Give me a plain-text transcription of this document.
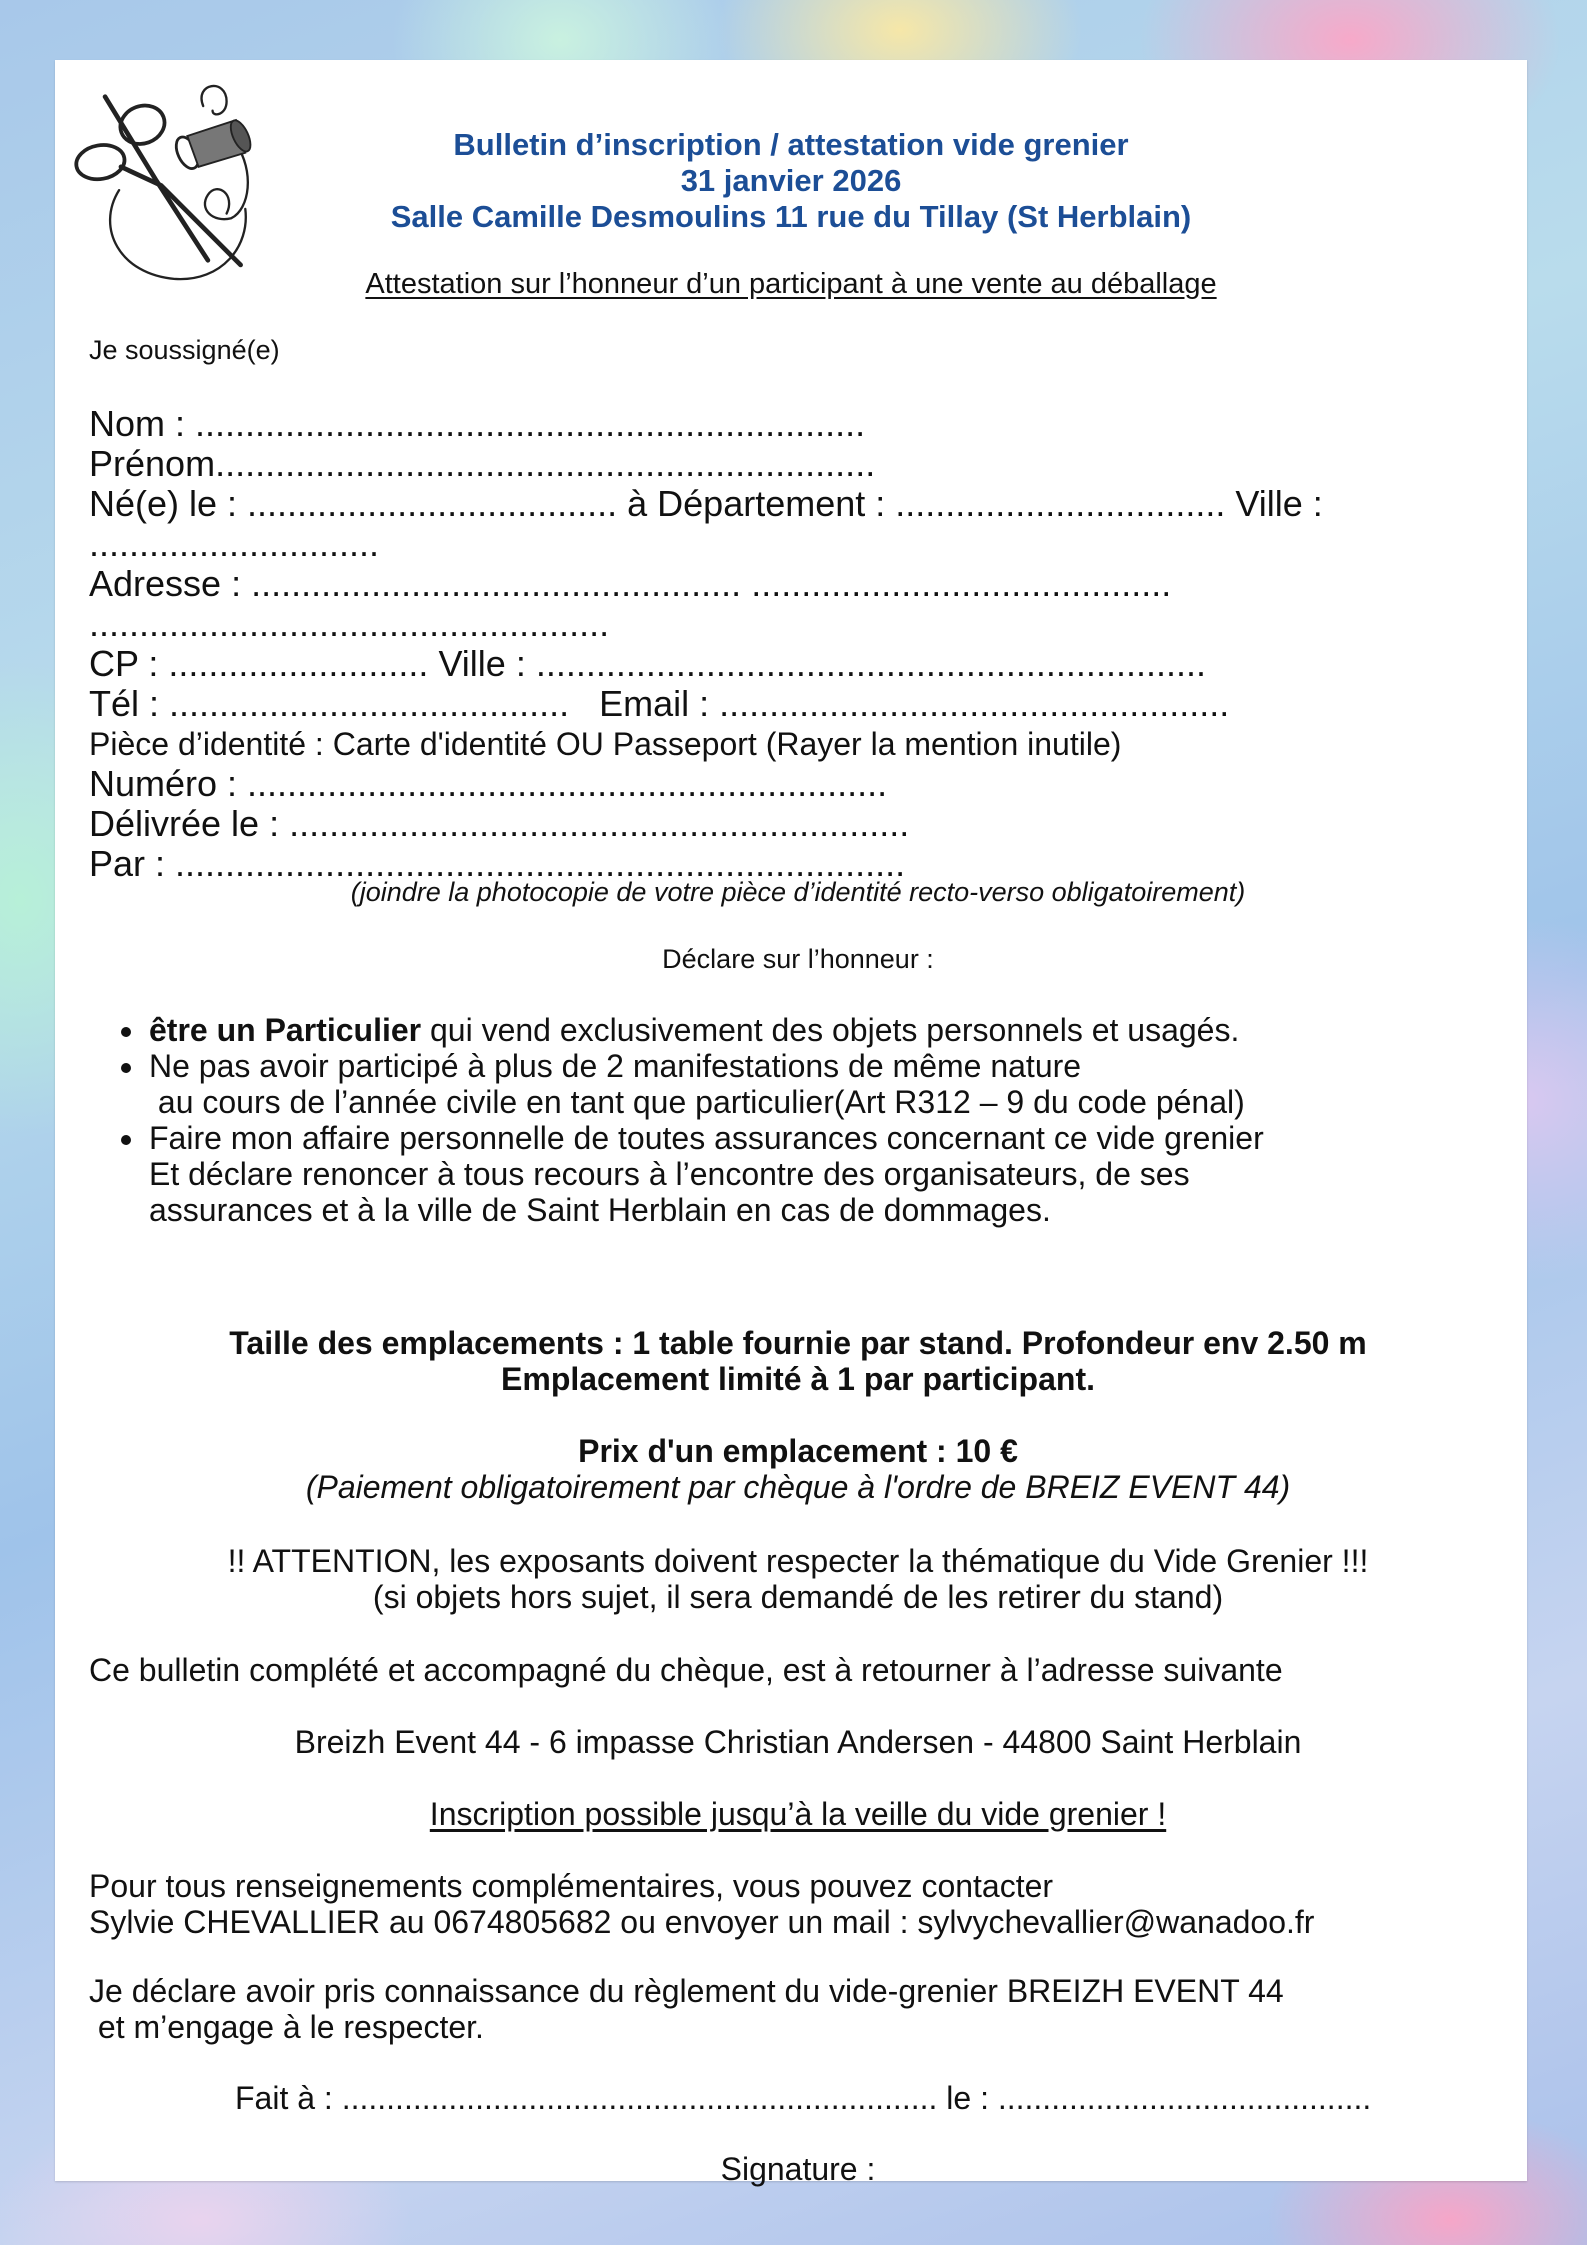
Bulletin d’inscription / attestation vide grenier
31 janvier 2026
Salle Camille Desmoulins 11 rue du Tillay (St Herblain)
Attestation sur l’honneur d’un participant à une vente au déballage
Je soussigné(e)
Nom : ...................................................................
Prénom..................................................................
Né(e) le : ..................................... à Département : ................................. Ville :
.............................
Adresse : ................................................. ..........................................
....................................................
CP : .......................... Ville : ...................................................................
Tél : ........................................ Email : ...................................................
Pièce d’identité : Carte d'identité OU Passeport (Rayer la mention inutile)
Numéro : ................................................................
Délivrée le : ..............................................................
Par : .........................................................................
(joindre la photocopie de votre pièce d’identité recto-verso obligatoirement)
Déclare sur l’honneur :
• être un Particulier qui vend exclusivement des objets personnels et usagés.
• Ne pas avoir participé à plus de 2 manifestations de même nature
au cours de l’année civile en tant que particulier(Art R312 – 9 du code pénal)
• Faire mon affaire personnelle de toutes assurances concernant ce vide grenier
Et déclare renoncer à tous recours à l’encontre des organisateurs, de ses
assurances et à la ville de Saint Herblain en cas de dommages.
Taille des emplacements : 1 table fournie par stand. Profondeur env 2.50 m
Emplacement limité à 1 par participant.
Prix d'un emplacement : 10 €
(Paiement obligatoirement par chèque à l'ordre de BREIZ EVENT 44)
!! ATTENTION, les exposants doivent respecter la thématique du Vide Grenier !!!
(si objets hors sujet, il sera demandé de les retirer du stand)
Ce bulletin complété et accompagné du chèque, est à retourner à l’adresse suivante
Breizh Event 44 - 6 impasse Christian Andersen - 44800 Saint Herblain
Inscription possible jusqu’à la veille du vide grenier !
Pour tous renseignements complémentaires, vous pouvez contacter
Sylvie CHEVALLIER au 0674805682 ou envoyer un mail : sylvychevallier@wanadoo.fr
Je déclare avoir pris connaissance du règlement du vide-grenier BREIZH EVENT 44
et m’engage à le respecter.
Fait à : ................................................................... le : ..........................................
Signature :
